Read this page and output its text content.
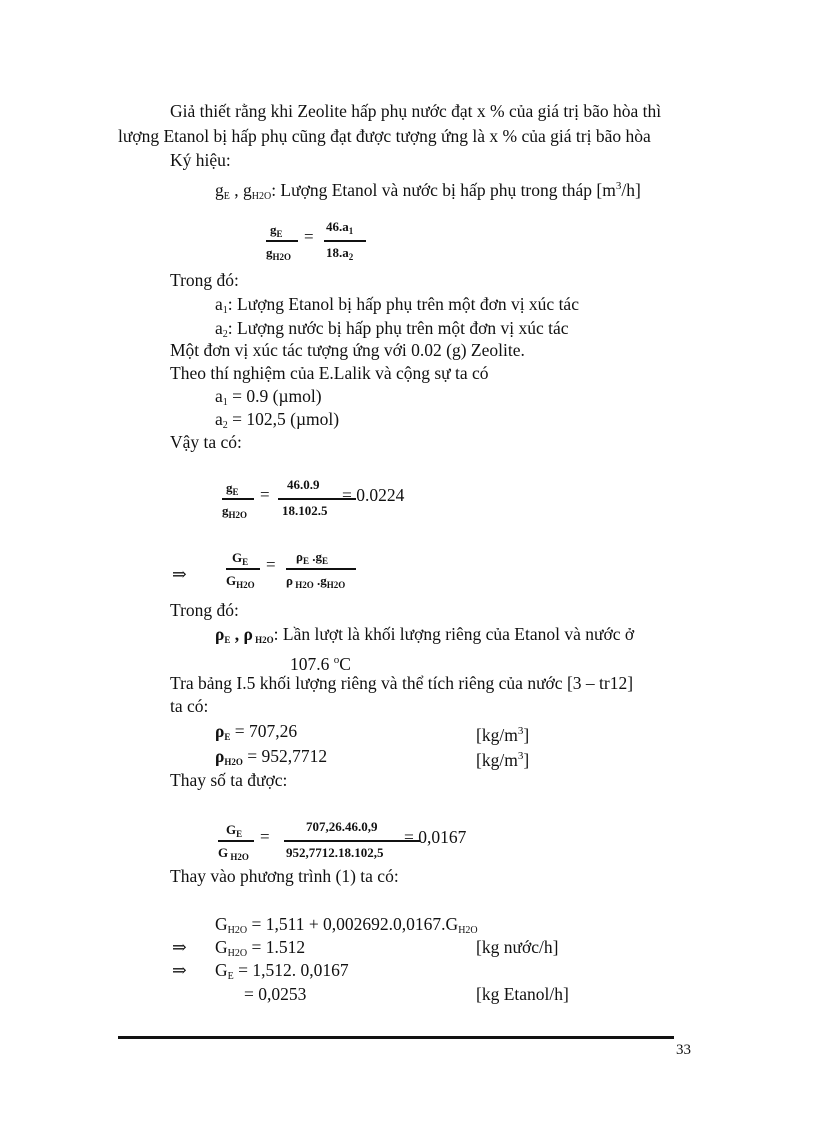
Giả thiết rằng khi Zeolite hấp phụ nước đạt x % của giá trị bão hòa thì
lượng Etanol bị hấp phụ cũng đạt được tượng ứng là x % của giá trị bão hòa
Ký hiệu:
$g_E$ , $g_{H2O}$: Lượng Etanol và nước bị hấp phụ trong tháp $[m^3/h]$
$g_E$
$g_{H2O}$
=
$46.a_1$
$18.a_2$
Trong đó:
$a_1$: Lượng Etanol bị hấp phụ trên một đơn vị xúc tác
$a_2$: Lượng nước bị hấp phụ trên một đơn vị xúc tác
Một đơn vị xúc tác tượng ứng với 0.02 (g) Zeolite.
Theo thí nghiệm của E.Lalik và cộng sự ta có
$a_1 = 0.9$ (µmol)
$a_2 = 102,5$ (µmol)
Vậy ta có:
$g_E$
$g_{H2O}$
=
46.0.9
18.102.5
= 0.0224
⇒
$G_E$
$G_{H2O}$
= $\rho_E$ $.g_E$
ρ $_{H2O}$ $.g_{H2O}$
Trong đó:
ρE , ρ H2O: Lần lượt là khối lượng riêng của Etanol và nước ở
107.6 $^o$C
Tra bảng I.5 khối lượng riêng và thể tích riêng của nước [3 – tr12]
ta có:
ρE = 707,26	$[kg/m^3]$
ρH2O = 952,7712	$[kg/m^3]$
Thay số ta được:
$G_E$
G $_{H2O}$
=
707,26.46.0,9
952,7712.18.102,5
= 0,0167
Thay vào phương trình (1) ta có:
$G_{H2O} = 1,511 + 0,002692.0,0167.G_{H2O}$
⇒ $G_{H2O} = 1.512$	[kg nước/h]
⇒ $G_E = 1,512$. 0,0167
= 0,0253	[kg Etanol/h]
33
